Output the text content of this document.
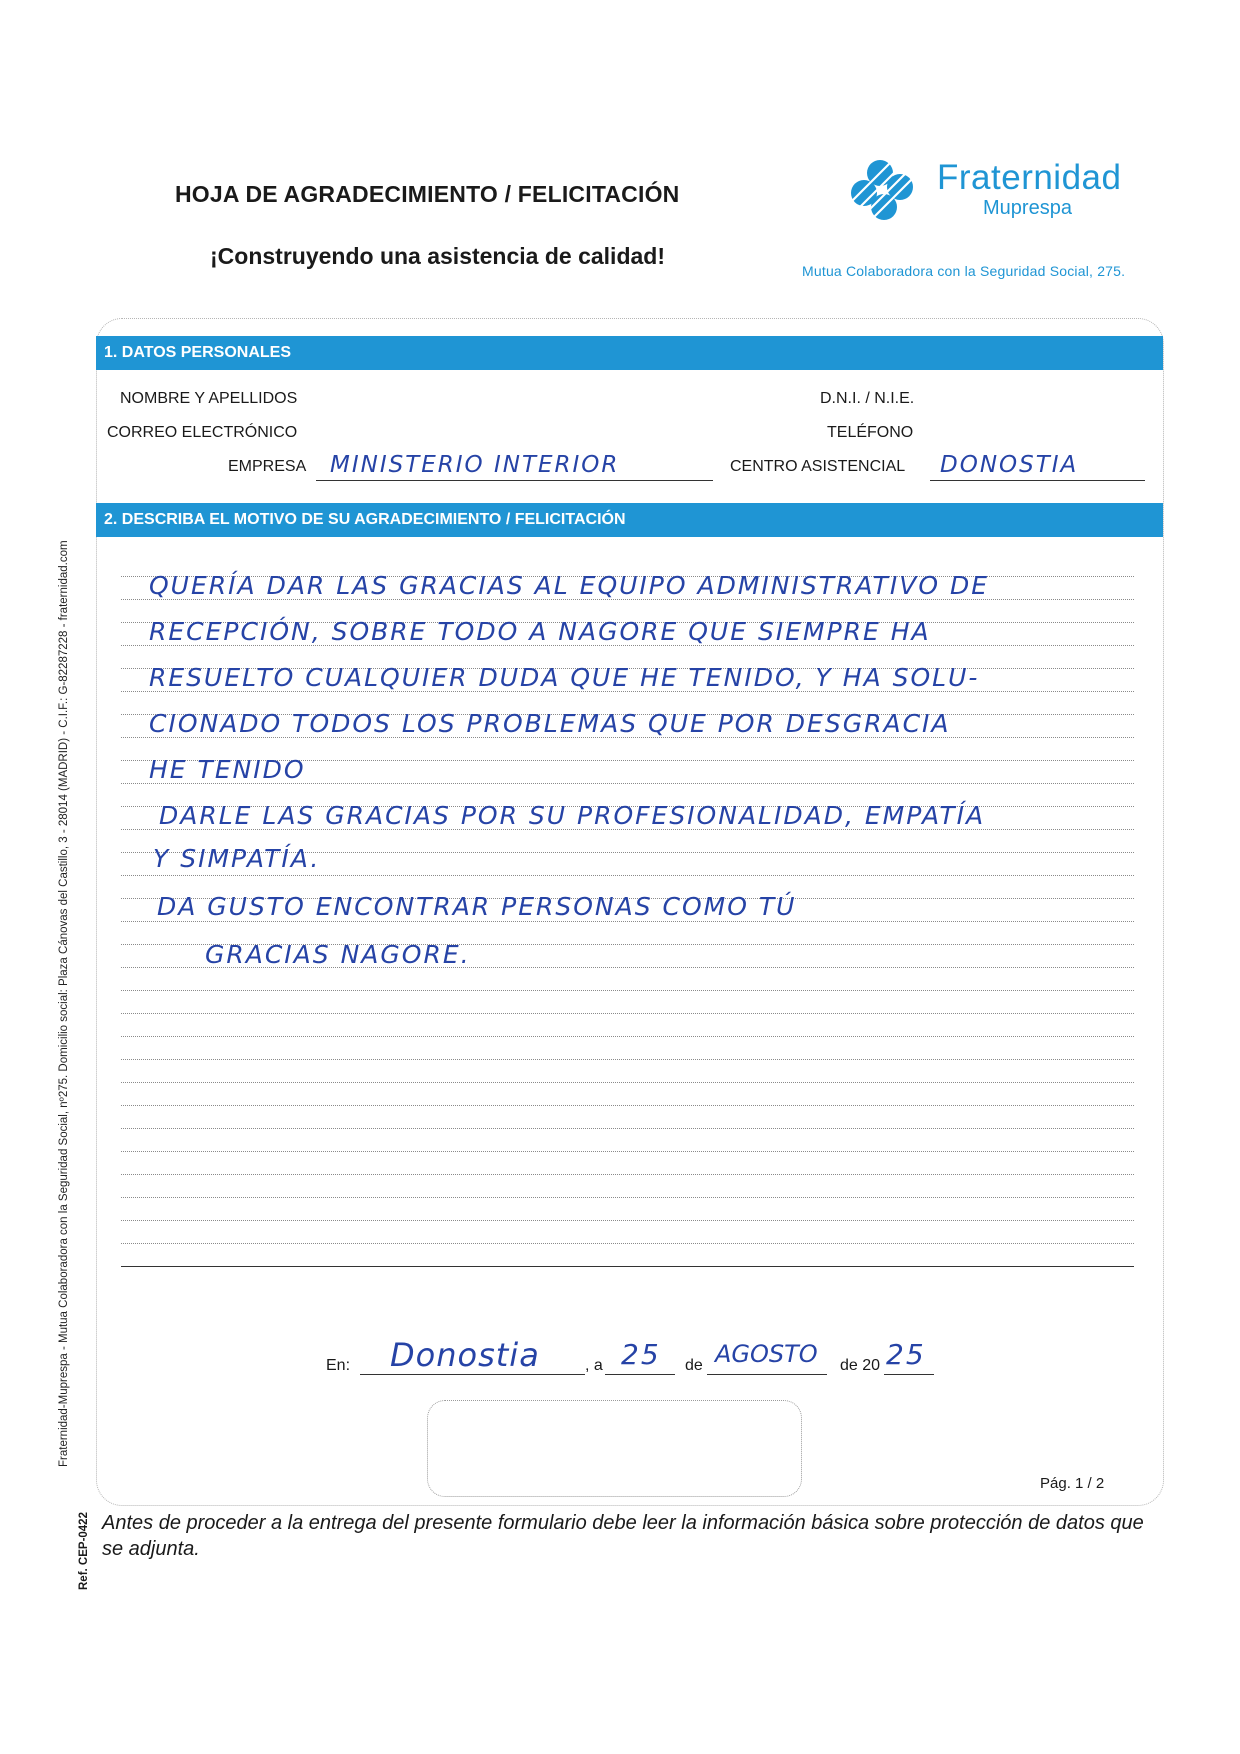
HOJA DE AGRADECIMIENTO / FELICITACIÓN
¡Construyendo una asistencia de calidad!
Fraternidad
Muprespa
Mutua Colaboradora con la Seguridad Social, 275.
1. DATOS PERSONALES
NOMBRE Y APELLIDOS	D.N.I. / N.I.E.
CORREO ELECTRÓNICO	TELÉFONO
EMPRESA MINISTERIO INTERIOR	CENTRO ASISTENCIAL DONOSTIA
2. DESCRIBA EL MOTIVO DE SU AGRADECIMIENTO / FELICITACIÓN
QUERÍA DAR LAS GRACIAS AL EQUIPO ADMINISTRATIVO DE
RECEPCIÓN, SOBRE TODO A NAGORE QUE SIEMPRE HA
RESUELTO CUALQUIER DUDA QUE HE TENIDO, Y HA SOLU-
CIONADO TODOS LOS PROBLEMAS QUE POR DESGRACIA
HE TENIDO
DARLE LAS GRACIAS POR SU PROFESIONALIDAD, EMPATÍA
Y SIMPATÍA.
DA GUSTO ENCONTRAR PERSONAS COMO TÚ
GRACIAS NAGORE.
En: Donostia	, a 25 de AGOSTO de 20 25
Pág. 1 / 2
Antes de proceder a la entrega del presente formulario debe leer la información básica sobre protección de datos que se adjunta.
Fraternidad-Muprespa - Mutua Colaboradora con la Seguridad Social, nº275. Domicilio social: Plaza Cánovas del Castillo, 3 - 28014 (MADRID) - C.I.F.: G-82287228 - fraternidad.com
Ref. CEP-0422
